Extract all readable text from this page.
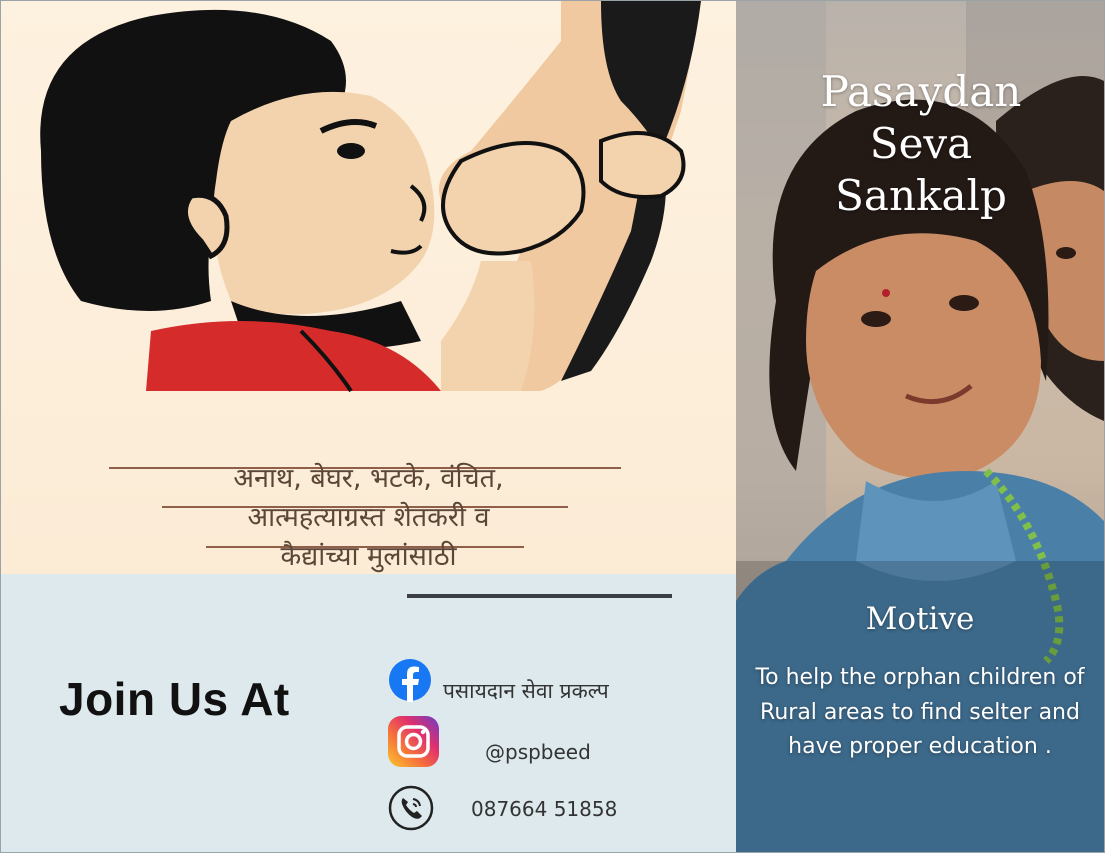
अनाथ, बेघर, भटके, वंचित,
आत्महत्याग्रस्त शेतकरी व
कैद्यांच्या मुलांसाठी
Join Us At	पसायदान सेवा प्रकल्प
@pspbeed
087664 51858
Pasaydan
Seva
Sankalp
Motive
To help the orphan children of Rural areas to find selter and have proper education .
